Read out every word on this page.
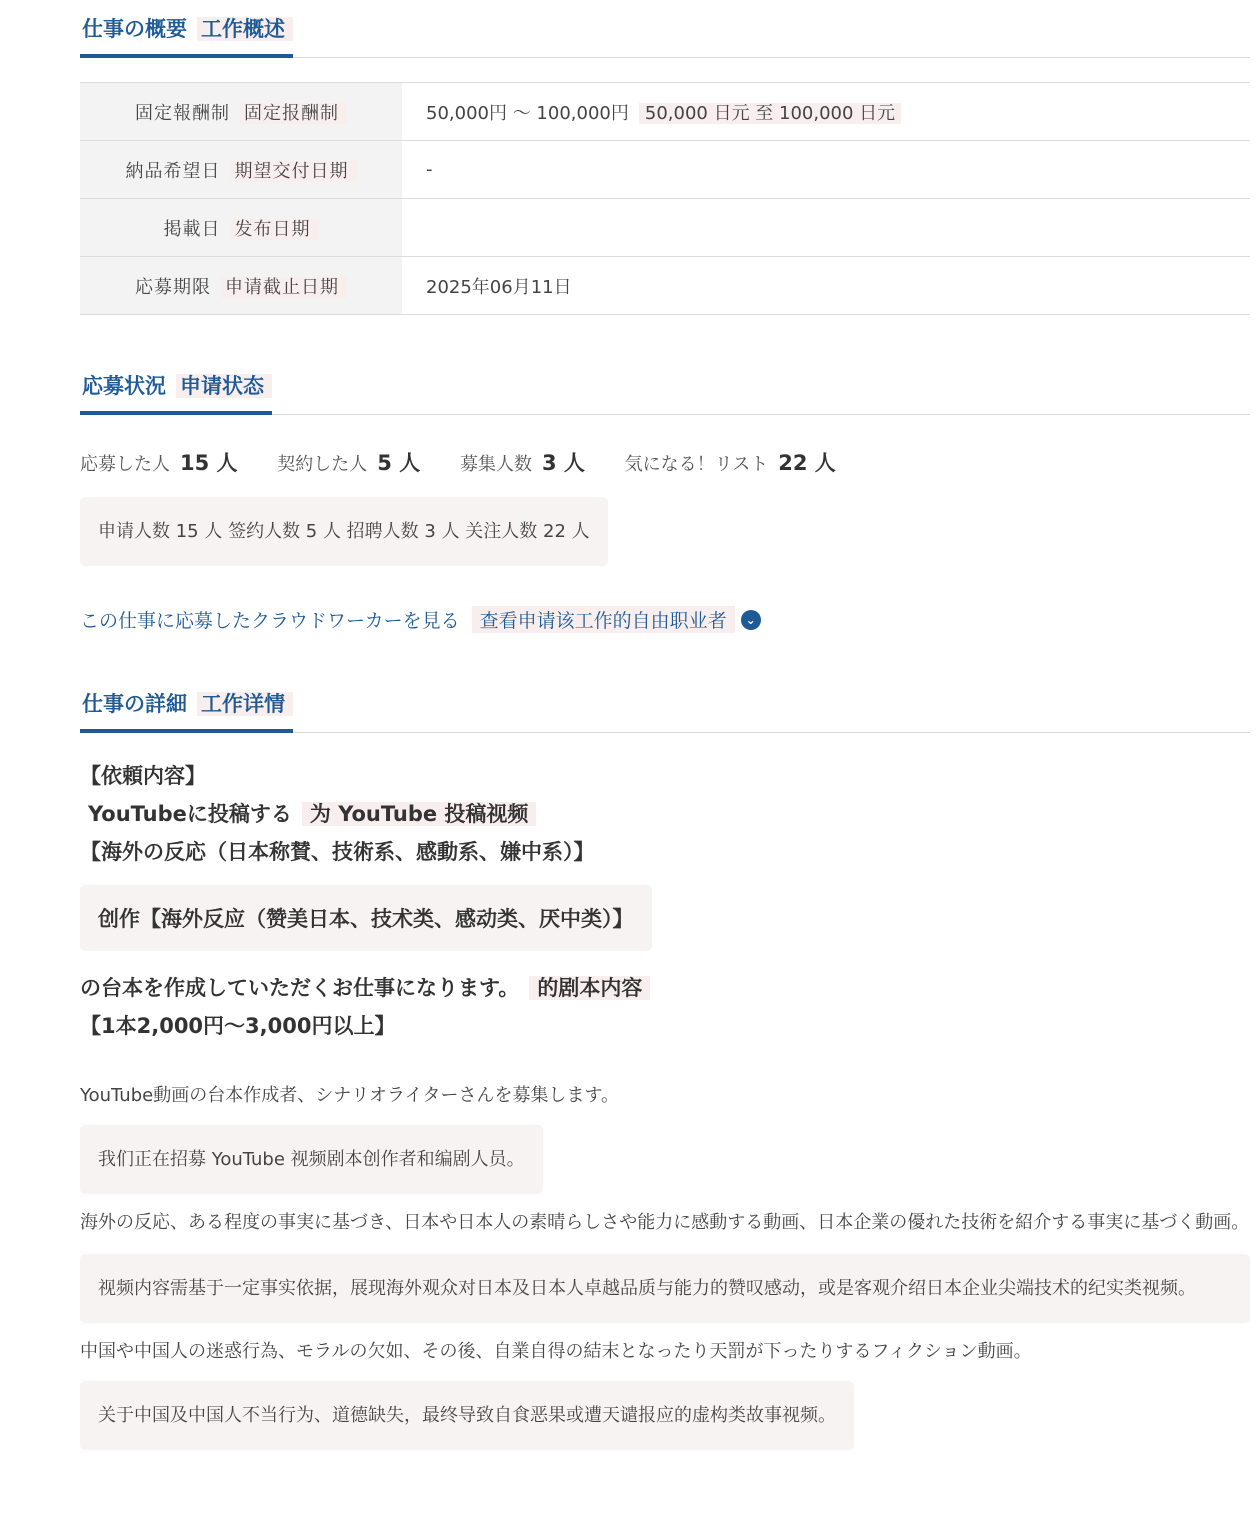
仕事の概要 工作概述
固定報酬制 固定报酬制	50,000円 〜 100,000円 50,000 日元 至 100,000 日元
納品希望日 期望交付日期	-
掲載日 发布日期	
応募期限 申请截止日期	2025年06月11日
応募状況 申请状态
応募した人 15 人 契約した人 5 人 募集人数 3 人 気になる！リスト 22 人
申请人数 15 人 签约人数 5 人 招聘人数 3 人 关注人数 22 人
この仕事に応募したクラウドワーカーを見る	查看申请该工作的自由职业者	⌄
仕事の詳細 工作详情
【依頼内容】
YouTubeに投稿する 为 YouTube 投稿视频
【海外の反応（日本称賛、技術系、感動系、嫌中系）】
创作【海外反应（赞美日本、技术类、感动类、厌中类）】
の台本を作成していただくお仕事になります。 的剧本内容
【1本2,000円〜3,000円以上】
YouTube動画の台本作成者、シナリオライターさんを募集します。
我们正在招募 YouTube 视频剧本创作者和编剧人员。
海外の反応、ある程度の事実に基づき、日本や日本人の素晴らしさや能力に感動する動画、日本企業の優れた技術を紹介する事実に基づく動画。
视频内容需基于一定事实依据，展现海外观众对日本及日本人卓越品质与能力的赞叹感动，或是客观介绍日本企业尖端技术的纪实类视频。
中国や中国人の迷惑行為、モラルの欠如、その後、自業自得の結末となったり天罰が下ったりするフィクション動画。
关于中国及中国人不当行为、道德缺失，最终导致自食恶果或遭天谴报应的虚构类故事视频。
